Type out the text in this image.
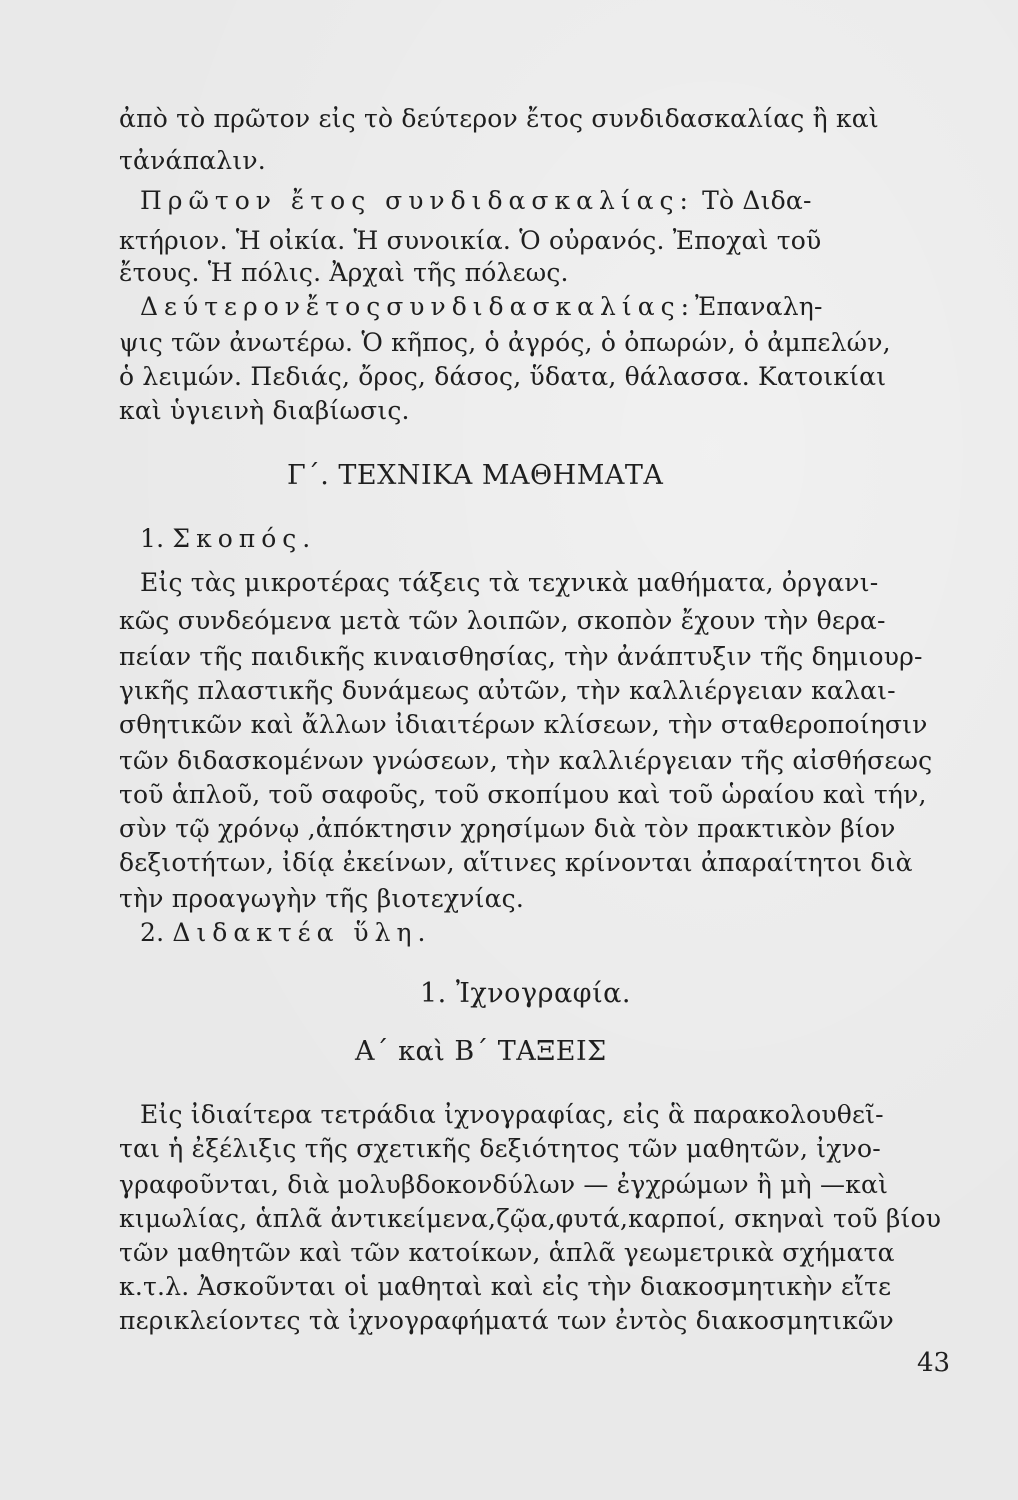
ἀπὸ τὸ πρῶτον εἰς τὸ δεύτερον ἔτος συνδιδασκαλίας ἢ καὶ
τἀνάπαλιν.
Πρῶτον ἔτος συνδιδασκαλίας: Τὸ Διδα-
κτήριον. Ἡ οἰκία. Ἡ συνοικία. Ὁ οὐρανός. Ἐποχαὶ τοῦ
ἔτους. Ἡ πόλις. Ἀρχαὶ τῆς πόλεως.
Δεύτερονἔτοςσυνδιδασκαλίας:Ἐπαναλη-
ψις τῶν ἀνωτέρω. Ὁ κῆπος, ὁ ἀγρός, ὁ ὀπωρών, ὁ ἀμπελών,
ὁ λειμών. Πεδιάς, ὄρος, δάσος, ὕδατα, θάλασσα. Κατοικίαι
καὶ ὑγιεινὴ διαβίωσις.
Γ΄. ΤΕΧΝΙΚΑ ΜΑΘΗΜΑΤΑ
1. Σκοπός.
Εἰς τὰς μικροτέρας τάξεις τὰ τεχνικὰ μαθήματα, ὀργανι-
κῶς συνδεόμενα μετὰ τῶν λοιπῶν, σκοπὸν ἔχουν τὴν θερα-
πείαν τῆς παιδικῆς κιναισθησίας, τὴν ἀνάπτυξιν τῆς δημιουρ-
γικῆς πλαστικῆς δυνάμεως αὐτῶν, τὴν καλλιέργειαν καλαι-
σθητικῶν καὶ ἄλλων ἰδιαιτέρων κλίσεων, τὴν σταθεροποίησιν
τῶν διδασκομένων γνώσεων, τὴν καλλιέργειαν τῆς αἰσθήσεως
τοῦ ἁπλοῦ, τοῦ σαφοῦς, τοῦ σκοπίμου καὶ τοῦ ὡραίου καὶ τήν,
σὺν τῷ χρόνῳ ,ἀπόκτησιν χρησίμων διὰ τὸν πρακτικὸν βίον
δεξιοτήτων, ἰδίᾳ ἐκείνων, αἵτινες κρίνονται ἀπαραίτητοι διὰ
τὴν προαγωγὴν τῆς βιοτεχνίας.
2. Διδακτέα ὕλη.
1. Ἰχνογραφία.
Α΄ καὶ Β΄ ΤΑΞΕΙΣ
Εἰς ἰδιαίτερα τετράδια ἰχνογραφίας, εἰς ἃ παρακολουθεῖ-
ται ἡ ἐξέλιξις τῆς σχετικῆς δεξιότητος τῶν μαθητῶν, ἰχνο-
γραφοῦνται, διὰ μολυβδοκονδύλων — ἐγχρώμων ἢ μὴ —καὶ
κιμωλίας, ἁπλᾶ ἀντικείμενα,ζῷα,φυτά,καρποί, σκηναὶ τοῦ βίου
τῶν μαθητῶν καὶ τῶν κατοίκων, ἁπλᾶ γεωμετρικὰ σχήματα
κ.τ.λ. Ἀσκοῦνται οἱ μαθηταὶ καὶ εἰς τὴν διακοσμητικὴν εἴτε
περικλείοντες τὰ ἰχνογραφήματά των ἐντὸς διακοσμητικῶν
43
